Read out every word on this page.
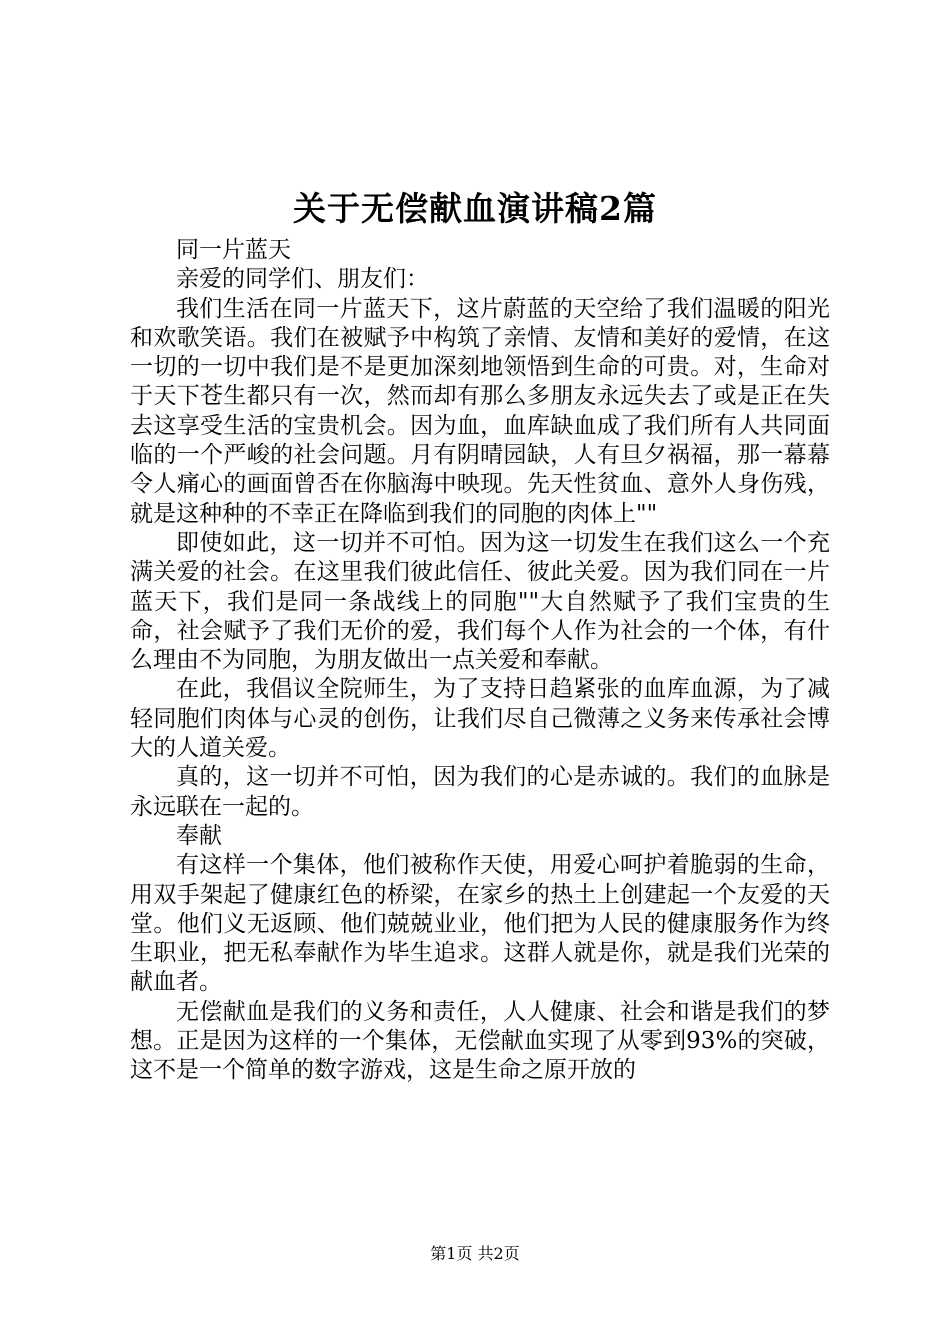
关于无偿献血演讲稿2篇

同一片蓝天

亲爱的同学们、朋友们：

我们生活在同一片蓝天下，这片蔚蓝的天空给了我们温暖的阳光和欢歌笑语。我们在被赋予中构筑了亲情、友情和美好的爱情，在这一切的一切中我们是不是更加深刻地领悟到生命的可贵。对，生命对于天下苍生都只有一次，然而却有那么多朋友永远失去了或是正在失去这享受生活的宝贵机会。因为血，血库缺血成了我们所有人共同面临的一个严峻的社会问题。月有阴晴园缺，人有旦夕祸福，那一幕幕令人痛心的画面曾否在你脑海中映现。先天性贫血、意外人身伤残，就是这种种的不幸正在降临到我们的同胞的肉体上""

即使如此，这一切并不可怕。因为这一切发生在我们这么一个充满关爱的社会。在这里我们彼此信任、彼此关爱。因为我们同在一片蓝天下，我们是同一条战线上的同胞""大自然赋予了我们宝贵的生命，社会赋予了我们无价的爱，我们每个人作为社会的一个体，有什么理由不为同胞，为朋友做出一点关爱和奉献。

在此，我倡议全院师生，为了支持日趋紧张的血库血源，为了减轻同胞们肉体与心灵的创伤，让我们尽自己微薄之义务来传承社会博大的人道关爱。

真的，这一切并不可怕，因为我们的心是赤诚的。我们的血脉是永远联在一起的。

奉献

有这样一个集体，他们被称作天使，用爱心呵护着脆弱的生命，用双手架起了健康红色的桥梁，在家乡的热土上创建起一个友爱的天堂。他们义无返顾、他们兢兢业业，他们把为人民的健康服务作为终生职业，把无私奉献作为毕生追求。这群人就是你，就是我们光荣的献血者。

无偿献血是我们的义务和责任，人人健康、社会和谐是我们的梦想。正是因为这样的一个集体，无偿献血实现了从零到93%的突破，这不是一个简单的数字游戏，这是生命之原开放的

第1页 共2页
